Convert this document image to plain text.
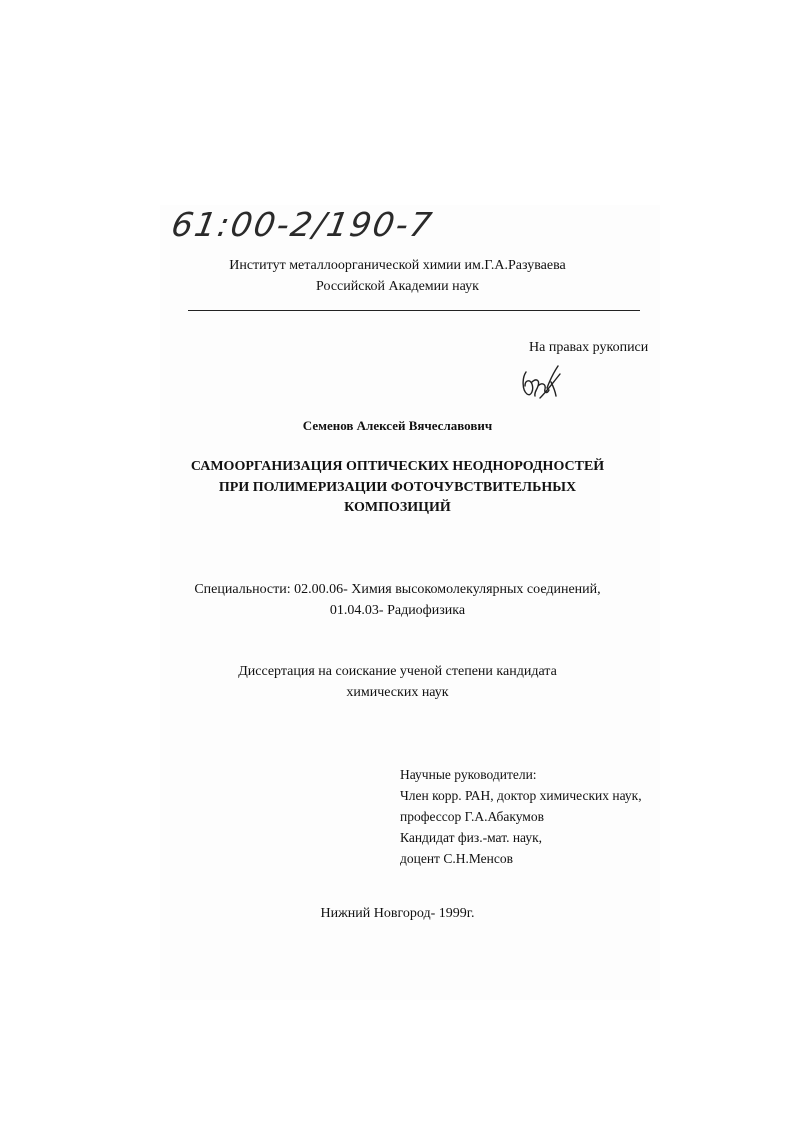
61:00-2/190-7
Институт металлоорганической химии им.Г.А.Разуваева
Российской Академии наук
На правах рукописи
Семенов Алексей Вячеславович
САМООРГАНИЗАЦИЯ ОПТИЧЕСКИХ НЕОДНОРОДНОСТЕЙ
ПРИ ПОЛИМЕРИЗАЦИИ ФОТОЧУВСТВИТЕЛЬНЫХ
КОМПОЗИЦИЙ
Специальности: 02.00.06- Химия высокомолекулярных соединений,
01.04.03- Радиофизика
Диссертация на соискание ученой степени кандидата
химических наук
Научные руководители:
Член корр. РАН, доктор химических наук,
профессор Г.А.Абакумов
Кандидат физ.-мат. наук,
доцент С.Н.Менсов
Нижний Новгород- 1999г.
